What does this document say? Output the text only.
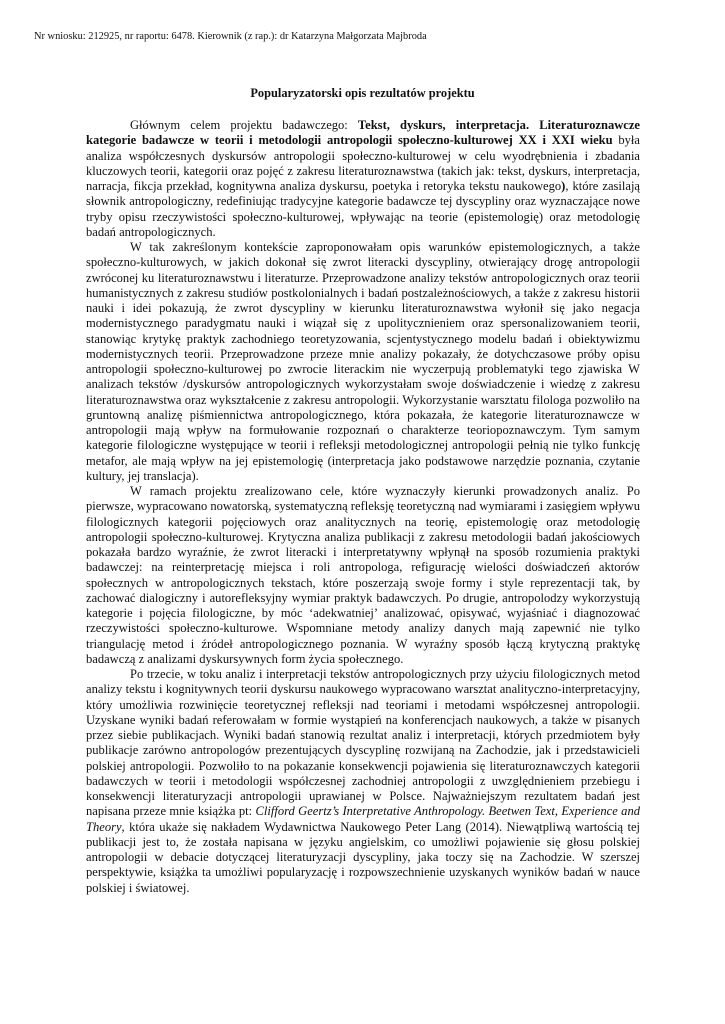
Nr wniosku: 212925, nr raportu: 6478. Kierownik (z rap.): dr Katarzyna Małgorzata Majbroda
Popularyzatorski opis rezultatów projektu

Głównym celem projektu badawczego: Tekst, dyskurs, interpretacja. Literaturoznawcze kategorie badawcze w teorii i metodologii antropologii społeczno-kulturowej XX i XXI wieku była analiza współczesnych dyskursów antropologii społeczno-kulturowej w celu wyodrębnienia i zbadania kluczowych teorii, kategorii oraz pojęć z zakresu literaturoznawstwa (takich jak: tekst, dyskurs, interpretacja, narracja, fikcja przekład, kognitywna analiza dyskursu, poetyka i retoryka tekstu naukowego), które zasilają słownik antropologiczny, redefiniując tradycyjne kategorie badawcze tej dyscypliny oraz wyznaczające nowe tryby opisu rzeczywistości społeczno-kulturowej, wpływając na teorie (epistemologię) oraz metodologię badań antropologicznych.

W tak zakreślonym kontekście zaproponowałam opis warunków epistemologicznych, a także społeczno-kulturowych, w jakich dokonał się zwrot literacki dyscypliny, otwierający drogę antropologii zwróconej ku literaturoznawstwu i literaturze. Przeprowadzone analizy tekstów antropologicznych oraz teorii humanistycznych z zakresu studiów postkolonialnych i badań postzależnościowych, a także z zakresu historii nauki i idei pokazują, że zwrot dyscypliny w kierunku literaturoznawstwa wyłonił się jako negacja modernistycznego paradygmatu nauki i wiązał się z upolitycznieniem oraz spersonalizowaniem teorii, stanowiąc krytykę praktyk zachodniego teoretyzowania, scjentystycznego modelu badań i obiektywizmu modernistycznych teorii. Przeprowadzone przeze mnie analizy pokazały, że dotychczasowe próby opisu antropologii społeczno-kulturowej po zwrocie literackim nie wyczerpują problematyki tego zjawiska W analizach tekstów /dyskursów antropologicznych wykorzystałam swoje doświadczenie i wiedzę z zakresu literaturoznawstwa oraz wykształcenie z zakresu antropologii. Wykorzystanie warsztatu filologa pozwoliło na gruntowną analizę piśmiennictwa antropologicznego, która pokazała, że kategorie literaturoznawcze w antropologii mają wpływ na formułowanie rozpoznań o charakterze teoriopoznawczym. Tym samym kategorie filologiczne występujące w teorii i refleksji metodologicznej antropologii pełnią nie tylko funkcję metafor, ale mają wpływ na jej epistemologię (interpretacja jako podstawowe narzędzie poznania, czytanie kultury, jej translacja).

W ramach projektu zrealizowano cele, które wyznaczyły kierunki prowadzonych analiz. Po pierwsze, wypracowano nowatorską, systematyczną refleksję teoretyczną nad wymiarami i zasięgiem wpływu filologicznych kategorii pojęciowych oraz analitycznych na teorię, epistemologię oraz metodologię antropologii społeczno-kulturowej. Krytyczna analiza publikacji z zakresu metodologii badań jakościowych pokazała bardzo wyraźnie, że zwrot literacki i interpretatywny wpłynął na sposób rozumienia praktyki badawczej: na reinterpretację miejsca i roli antropologa, refigurację wielości doświadczeń aktorów społecznych w antropologicznych tekstach, które poszerzają swoje formy i style reprezentacji tak, by zachować dialogiczny i autorefleksyjny wymiar praktyk badawczych. Po drugie, antropolodzy wykorzystują kategorie i pojęcia filologiczne, by móc ‘adekwatniej’ analizować, opisywać, wyjaśniać i diagnozować rzeczywistości społeczno-kulturowe. Wspomniane metody analizy danych mają zapewnić nie tylko triangulację metod i źródeł antropologicznego poznania. W wyraźny sposób łączą krytyczną praktykę badawczą z analizami dyskursywnych form życia społecznego.

Po trzecie, w toku analiz i interpretacji tekstów antropologicznych przy użyciu filologicznych metod analizy tekstu i kognitywnych teorii dyskursu naukowego wypracowano warsztat analityczno-interpretacyjny, który umożliwia rozwinięcie teoretycznej refleksji nad teoriami i metodami współczesnej antropologii. Uzyskane wyniki badań referowałam w formie wystąpień na konferencjach naukowych, a także w pisanych przez siebie publikacjach. Wyniki badań stanowią rezultat analiz i interpretacji, których przedmiotem były publikacje zarówno antropologów prezentujących dyscyplinę rozwijaną na Zachodzie, jak i przedstawicieli polskiej antropologii. Pozwoliło to na pokazanie konsekwencji pojawienia się literaturoznawczych kategorii badawczych w teorii i metodologii współczesnej zachodniej antropologii z uwzględnieniem przebiegu i konsekwencji literaturyzacji antropologii uprawianej w Polsce. Najważniejszym rezultatem badań jest napisana przeze mnie książka pt: Clifford Geertz’s Interpretative Anthropology. Beetwen Text, Experience and Theory, która ukaże się nakładem Wydawnictwa Naukowego Peter Lang (2014). Niewątpliwą wartością tej publikacji jest to, że została napisana w języku angielskim, co umożliwi pojawienie się głosu polskiej antropologii w debacie dotyczącej literaturyzacji dyscypliny, jaka toczy się na Zachodzie. W szerszej perspektywie, książka ta umożliwi popularyzację i rozpowszechnienie uzyskanych wyników badań w nauce polskiej i światowej.
